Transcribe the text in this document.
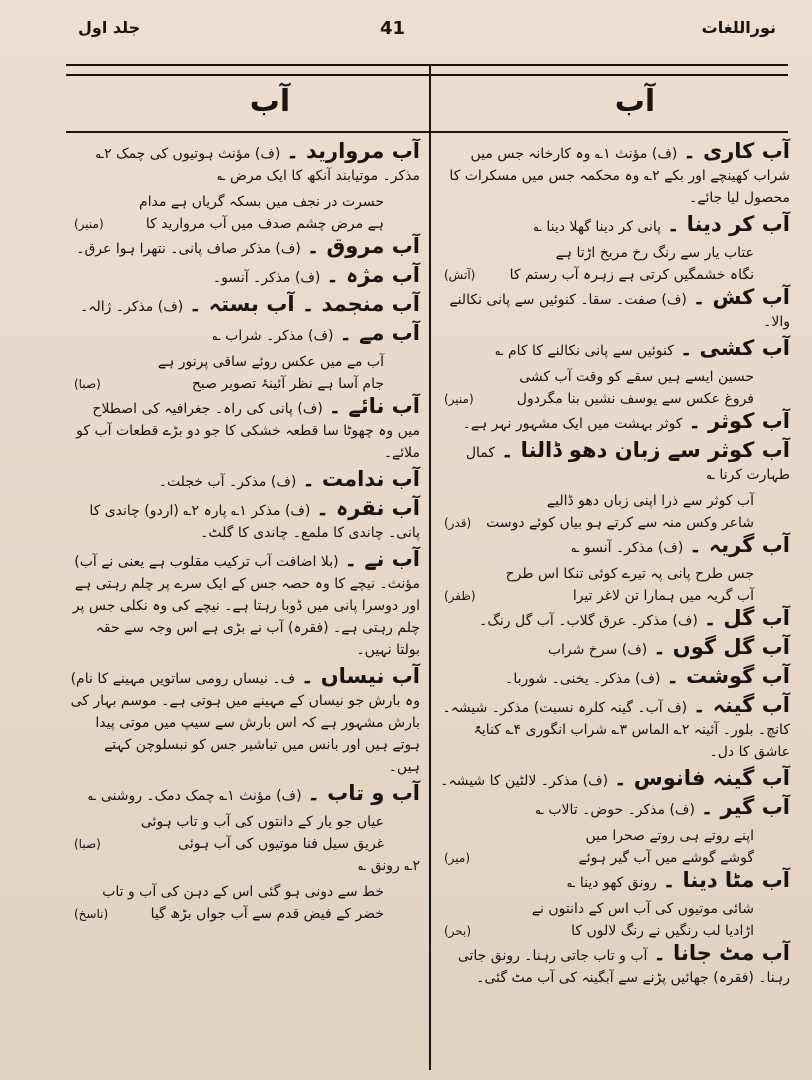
جلد اول	41	نوراللغات
آب
آب
آب کاری ۔(ف) مؤنث ۱؎ وہ کارخانہ جس میں شراب کھینچے اور بکے ۲؎ وہ محکمہ جس میں مسکرات کا محصول لیا جائے۔
آب کر دینا ۔پانی کر دینا گھلا دینا ؎
عتاب یار سے رنگ رخ مریخ اڑتا ہے
(آتش) نگاہ خشمگیں کرتی ہے زہرہ آب رستم کا
آب کش ۔(ف) صفت۔ سقا۔ کنوئیں سے پانی نکالنے والا۔
آب کشی ۔کنوئیں سے پانی نکالنے کا کام ؎
حسین ایسے ہیں سقے کو وقت آب کشی
(منیر)	فروغ عکس سے یوسف نشیں بنا مگردول
آب کوثر ۔کوثر بہشت میں ایک مشہور نہر ہے۔
آب کوثر سے زبان دھو ڈالنا ۔کمال طہارت کرنا ؎
آب کوثر سے ذرا اپنی زباں دھو ڈالیے
(قدر) شاعر وکس منہ سے کرتے ہو بیاں کوئے دوست
آب گریہ ۔(ف) مذکر۔ آنسو ؎
جس طرح پانی پہ تیرے کوئی تنکا اس طرح
(ظفر)	آب گریہ میں ہمارا تن لاغر تیرا
آب گل ۔(ف) مذکر۔ عرق گلاب۔ آب گل رنگ۔
آب گل گوں ۔(ف) سرخ شراب
آب گوشت ۔(ف) مذکر۔ یخنی۔ شوربا۔
آب گینہ ۔(ف آب۔ گینہ کلرہ نسبت) مذکر۔ شیشہ۔ کانچ۔ بلور۔ آئینہ ۲؎ الماس ۳؎ شراب انگوری ۴؎ کنایۃً عاشق کا دل۔
آب گینہ فانوس ۔(ف) مذکر۔ لالٹین کا شیشہ۔
آب گیر ۔(ف) مذکر۔ حوض۔ تالاب ؎
اپنے روتے ہی روتے صحرا میں
(میر)	گوشے گوشے میں آب گیر ہوئے
آب مٹا دینا ۔رونق کھو دینا ؎
شائی موتیوں کی آب اس کے دانتوں نے
(بحر)	اڑادیا لب رنگیں نے رنگ لالوں کا
آب مٹ جانا ۔آب و تاب جاتی رہنا۔ رونق جاتی رہنا۔ (فقرہ) جھائیں پڑنے سے آبگینہ کی آب مٹ گئی۔
آب مروارید ۔(ف) مؤنث ہوتیوں کی چمک ۲؎ مذکر۔ موتیابند آنکھ کا ایک مرض ؎
حسرت در نجف میں بسکہ گریاں ہے مدام
(منیر)	ہے مرض چشم صدف میں آب مروارید کا
آب مروق ۔(ف) مذکر صاف پانی۔ نتھرا ہوا عرق۔
آب مژہ ۔(ف) مذکر۔ آنسو۔
آب منجمد ۔ آب بستہ ۔(ف) مذکر۔ ژالہ۔
آب مے ۔(ف) مذکر۔ شراب ؎
آب مے میں عکس روئے ساقی پرنور ہے
(صبا)	جام آسا ہے نظر آئینۂ تصویر صبح
آب نائے ۔(ف) پانی کی راہ۔ جغرافیہ کی اصطلاح میں وہ چھوٹا سا قطعہ خشکی کا جو دو بڑے قطعات آب کو ملائے۔
آب ندامت ۔(ف) مذکر۔ آب خجلت۔
آب نقرہ ۔(ف) مذکر ۱؎ پارہ ۲؎ (اردو) چاندی کا پانی۔ چاندی کا ملمع۔ چاندی کا گلٹ۔
آب نے ۔(بلا اضافت آب ترکیب مقلوب ہے یعنی نے آب) مؤنث۔ نیچے کا وہ حصہ جس کے ایک سرے پر چلم رہتی ہے اور دوسرا پانی میں ڈوبا رہتا ہے۔ نیچے کی وہ نکلی جس پر چلم رہتی ہے۔ (فقرہ) آب نے بڑی ہے اس وجہ سے حقہ بولتا نہیں۔
آب نیساں ۔ف۔ نیساں رومی ساتویں مہینے کا نام) وہ بارش جو نیساں کے مہینے میں ہوتی ہے۔ موسم بہار کی بارش مشہور ہے کہ اس بارش سے سیپ میں موتی پیدا ہوتے ہیں اور بانس میں تباشیر جس کو نبسلوچن کہتے ہیں۔
آب و تاب ۔(ف) مؤنث ۱؎ چمک دمک۔ روشنی ؎
عیاں جو یار کے دانتوں کی آب و تاب ہوئی
(صبا)	غریق سیل فنا موتیوں کی آب ہوئی
۲؎ رونق ؎
خط سے دونی ہو گئی اس کے دہن کی آب و تاب
(ناسخ)	خضر کے فیض قدم سے آب جواں بڑھ گیا
